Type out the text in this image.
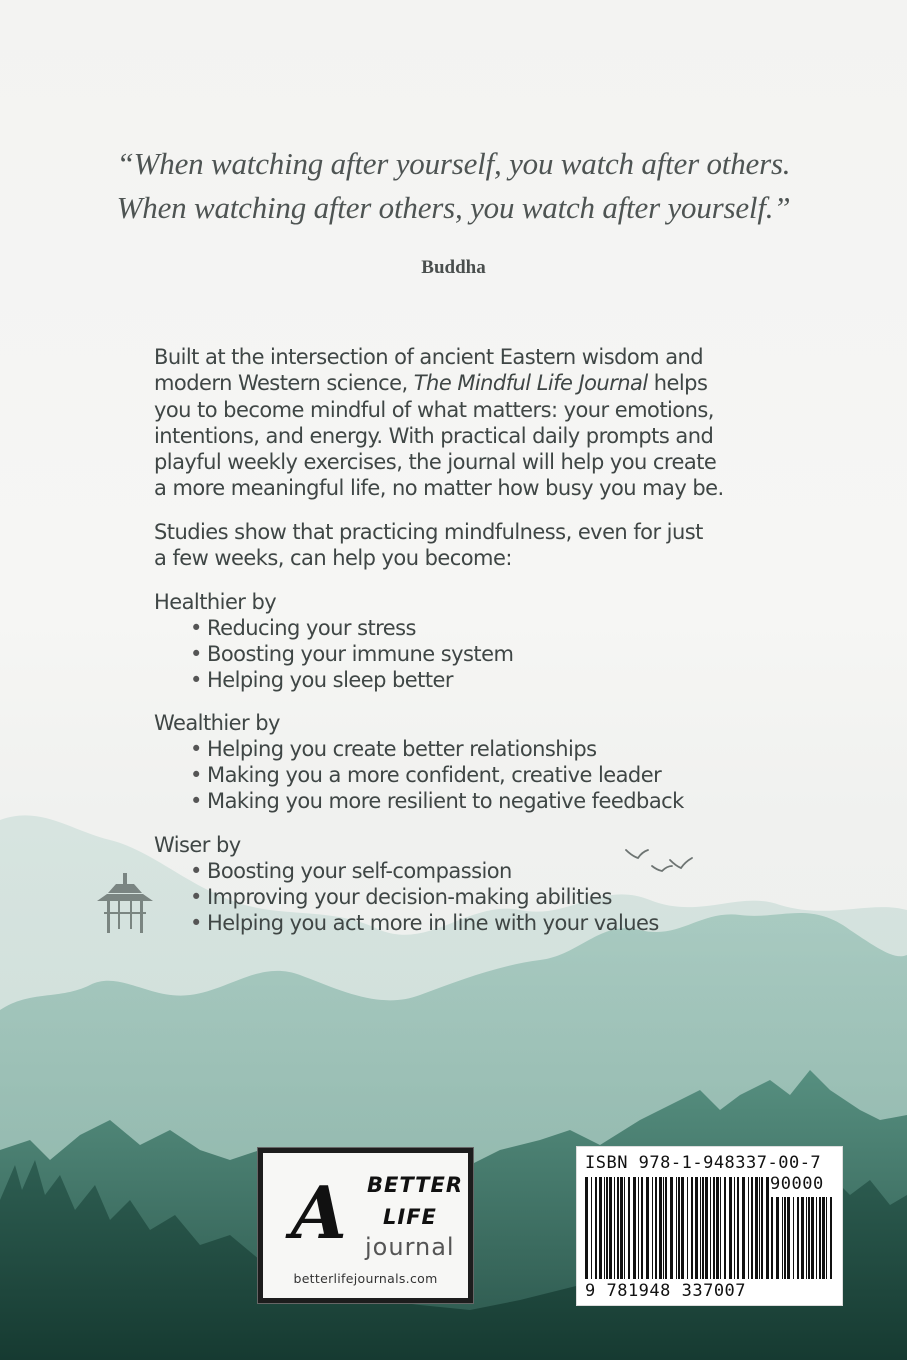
“When watching after yourself, you watch after others.
When watching after others, you watch after yourself.”
Buddha
Built at the intersection of ancient Eastern wisdom and
modern Western science, The Mindful Life Journal helps
you to become mindful of what matters: your emotions,
intentions, and energy. With practical daily prompts and
playful weekly exercises, the journal will help you create
a more meaningful life, no matter how busy you may be.
Studies show that practicing mindfulness, even for just
a few weeks, can help you become:
Healthier by
• Reducing your stress
• Boosting your immune system
• Helping you sleep better
Wealthier by
• Helping you create better relationships
• Making you a more confident, creative leader
• Making you more resilient to negative feedback
Wiser by
• Boosting your self-compassion
• Improving your decision-making abilities
• Helping you act more in line with your values
A BETTER
LIFE
journal
betterlifejournals.com
ISBN 978-1-948337-00-7
90000
9 781948 337007
